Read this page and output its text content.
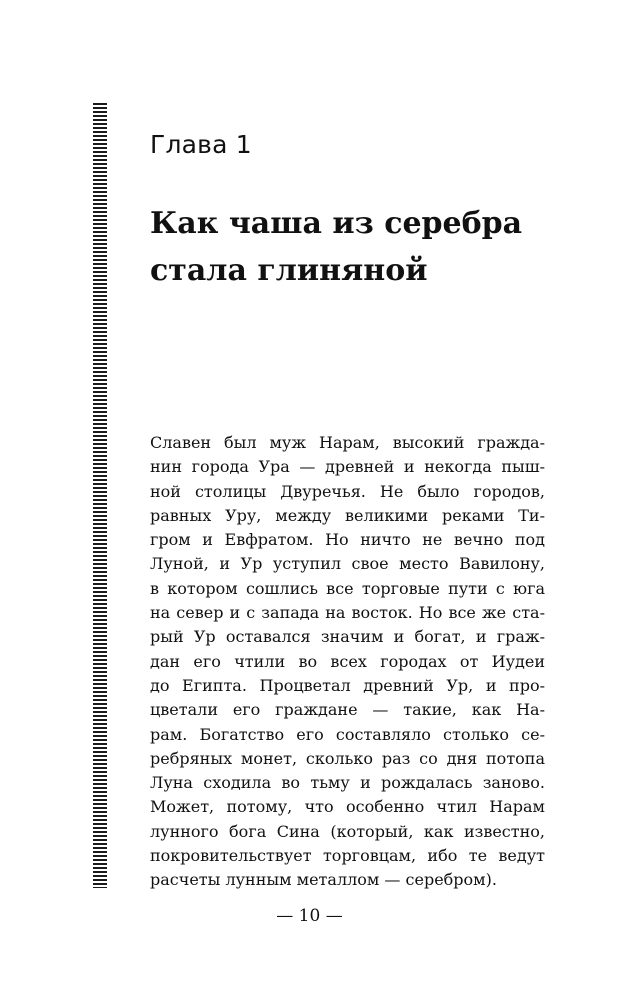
Глава 1
Как чаша из серебра
стала глиняной
Славен был муж Нарам, высокий гражда-
нин города Ура — древней и некогда пыш-
ной столицы Двуречья. Не было городов,
равных Уру, между великими реками Ти-
гром и Евфратом. Но ничто не вечно под
Луной, и Ур уступил свое место Вавилону,
в котором сошлись все торговые пути с юга
на север и с запада на восток. Но все же ста-
рый Ур оставался значим и богат, и граж-
дан его чтили во всех городах от Иудеи
до Египта. Процветал древний Ур, и про-
цветали его граждане — такие, как На-
рам. Богатство его составляло столько се-
ребряных монет, сколько раз со дня потопа
Луна сходила во тьму и рождалась заново.
Может, потому, что особенно чтил Нарам
лунного бога Сина (который, как известно,
покровительствует торговцам, ибо те ведут
расчеты лунным металлом — серебром).

— 10 —
